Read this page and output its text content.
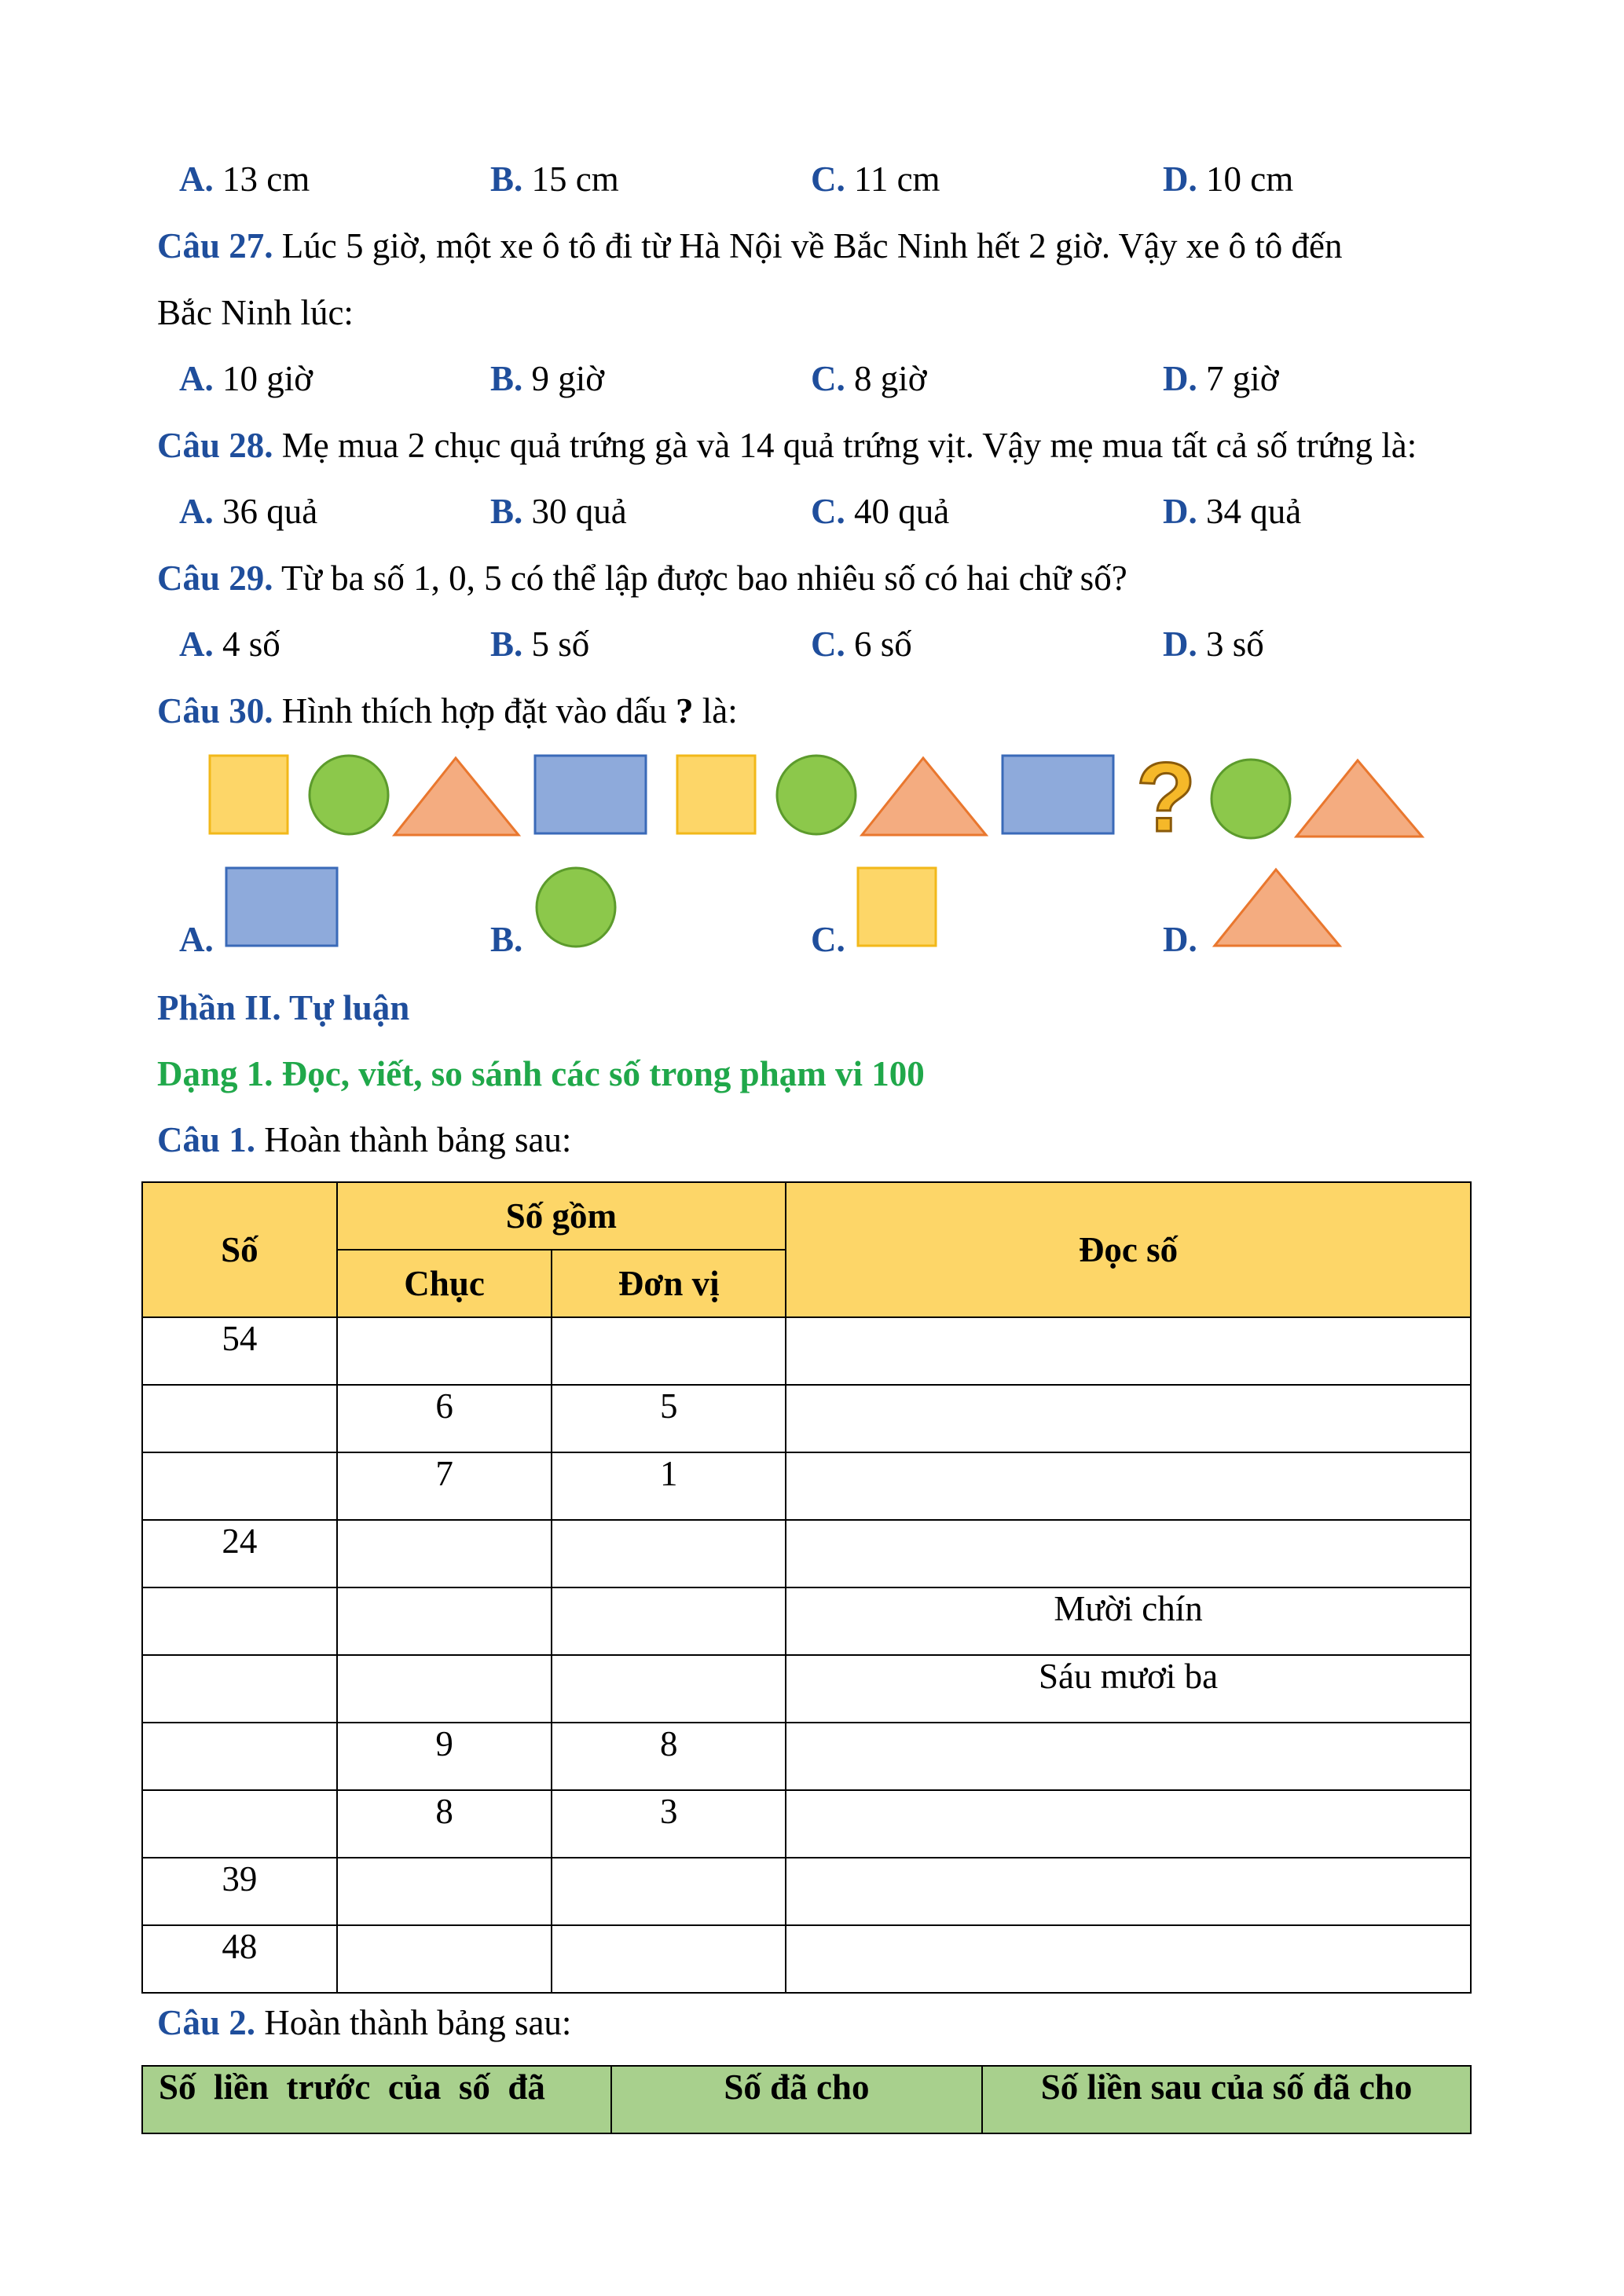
A. 13 cm	B. 15 cm	C. 11 cm	D. 10 cm
Câu 27. Lúc 5 giờ, một xe ô tô đi từ Hà Nội về Bắc Ninh hết 2 giờ. Vậy xe ô tô đến
Bắc Ninh lúc:
A. 10 giờ	B. 9 giờ	C. 8 giờ	D. 7 giờ
Câu 28. Mẹ mua 2 chục quả trứng gà và 14 quả trứng vịt. Vậy mẹ mua tất cả số trứng là:
A. 36 quả	B. 30 quả	C. 40 quả	D. 34 quả
Câu 29. Từ ba số 1, 0, 5 có thể lập được bao nhiêu số có hai chữ số?
A. 4 số	B. 5 số	C. 6 số	D. 3 số
Câu 30. Hình thích hợp đặt vào dấu ? là:
?
A.	B.	C.	D.
Phần II. Tự luận
Dạng 1. Đọc, viết, so sánh các số trong phạm vi 100
Câu 1. Hoàn thành bảng sau:
Số	Số gồm		Đọc số
	Chục	Đơn vị	
54			
	6	5	
	7	1	
24			
			Mười chín
			Sáu mươi ba
	9	8	
	8	3	
39			
48			
Câu 2. Hoàn thành bảng sau:
Số  liền  trước  của  số  đã	Số đã cho	Số liền sau của số đã cho
